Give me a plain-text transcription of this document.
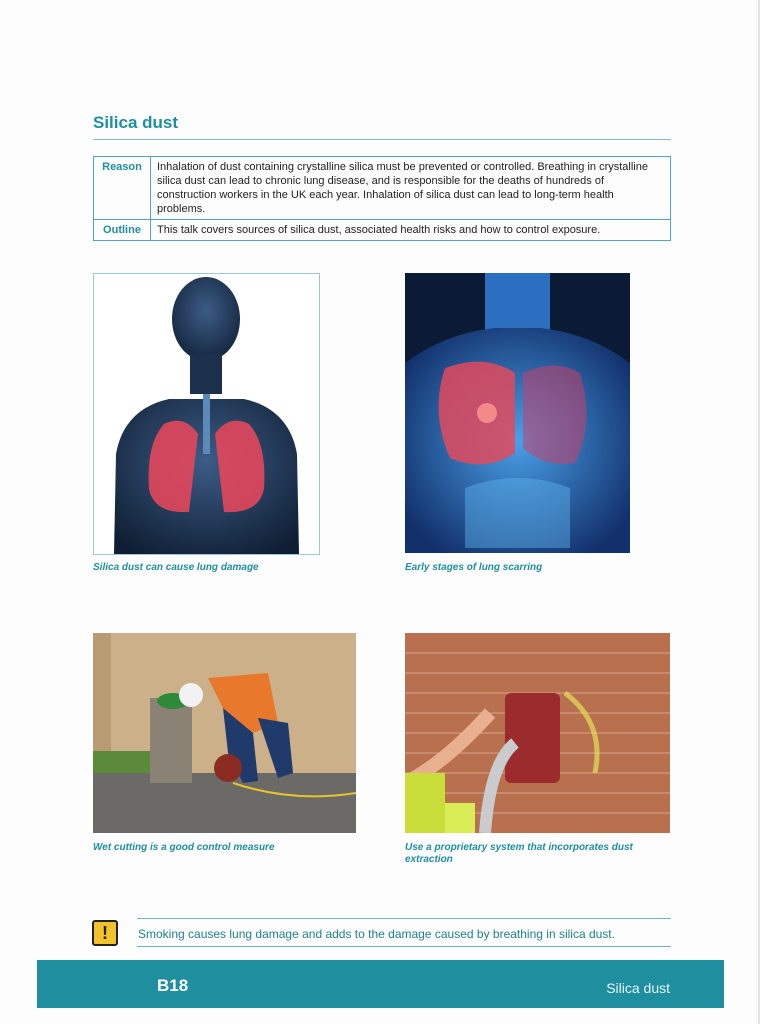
Silica dust
Reason	Inhalation of dust containing crystalline silica must be prevented or controlled. Breathing in crystalline silica dust can lead to chronic lung disease, and is responsible for the deaths of hundreds of construction workers in the UK each year. Inhalation of silica dust can lead to long-term health problems.
Outline	This talk covers sources of silica dust, associated health risks and how to control exposure.
Silica dust can cause lung damage	Early stages of lung scarring
Wet cutting is a good control measure	Use a proprietary system that incorporates dust extraction
!	Smoking causes lung damage and adds to the damage caused by breathing in silica dust.
B18	Silica dust
